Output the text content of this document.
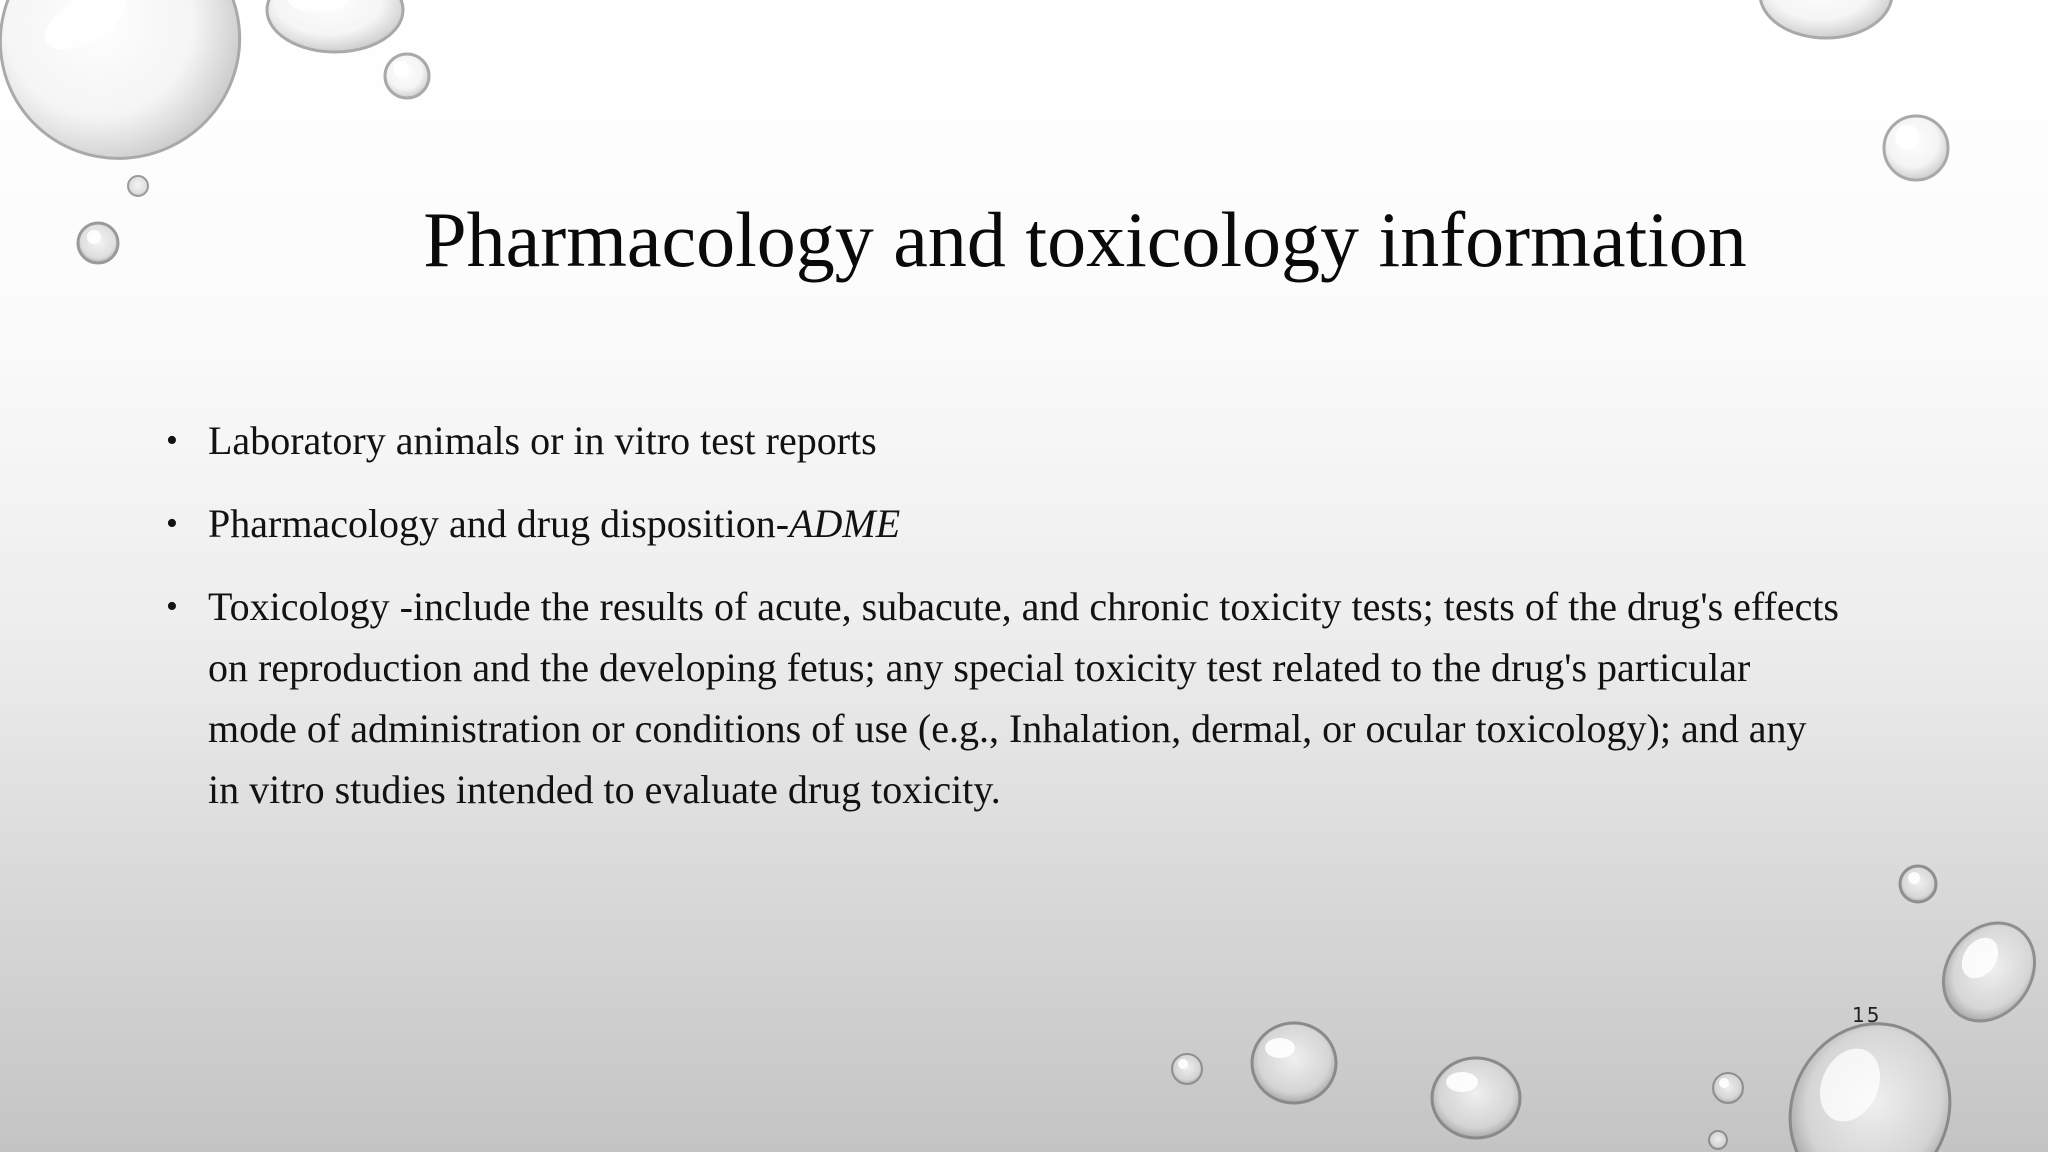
Pharmacology and toxicology information
• Laboratory animals or in vitro test reports
• Pharmacology and drug disposition-ADME
• Toxicology -include the results of acute, subacute, and chronic toxicity tests; tests of the drug's effects on reproduction and the developing fetus; any special toxicity test related to the drug's particular mode of administration or conditions of use (e.g., Inhalation, dermal, or ocular toxicology); and any in vitro studies intended to evaluate drug toxicity.
15
